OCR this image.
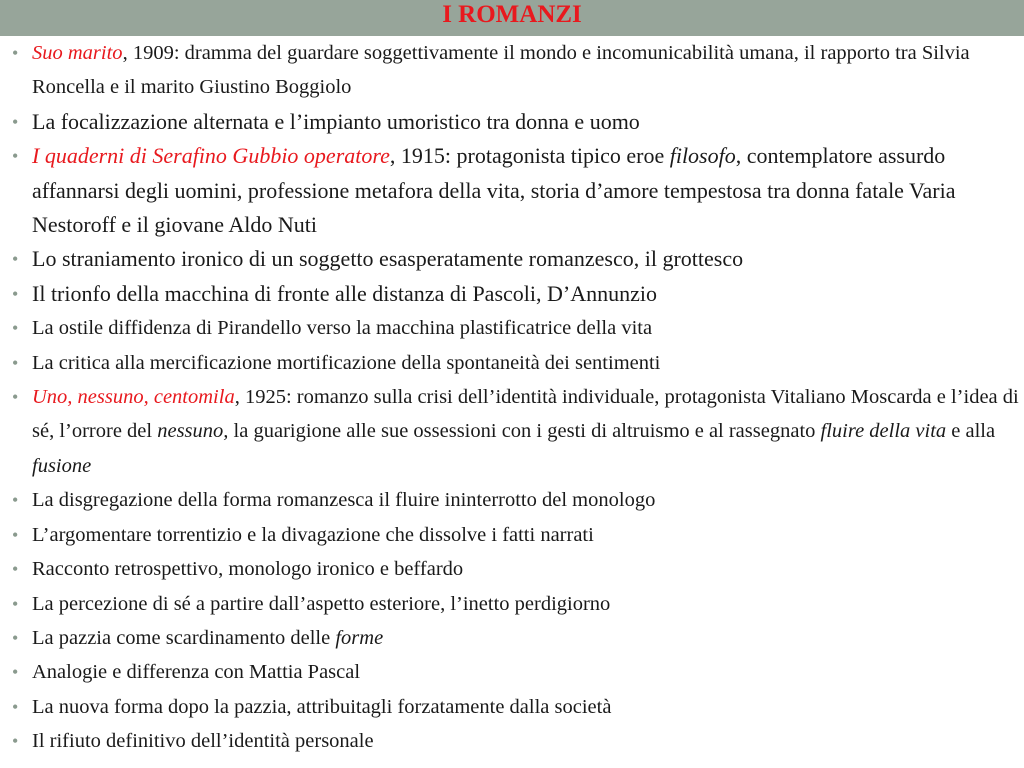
I ROMANZI
• Suo marito, 1909: dramma del guardare soggettivamente il mondo e incomunicabilità umana, il rapporto tra Silvia Roncella e il marito Giustino Boggiolo
• La focalizzazione alternata e l’impianto umoristico tra donna e uomo
• I quaderni di Serafino Gubbio operatore, 1915: protagonista tipico eroe filosofo, contemplatore assurdo affannarsi degli uomini, professione metafora della vita, storia d’amore tempestosa tra donna fatale Varia Nestoroff e il giovane Aldo Nuti
• Lo straniamento ironico di un soggetto esasperatamente romanzesco, il grottesco
• Il trionfo della macchina di fronte alle distanza di Pascoli, D’Annunzio
• La ostile diffidenza di Pirandello verso la macchina plastificatrice della vita
• La critica alla mercificazione mortificazione della spontaneità dei sentimenti
• Uno, nessuno, centomila, 1925: romanzo sulla crisi dell’identità individuale, protagonista Vitaliano Moscarda e l’idea di sé, l’orrore del nessuno, la guarigione alle sue ossessioni con i gesti di altruismo e al rassegnato fluire della vita e alla fusione
• La disgregazione della forma romanzesca il fluire ininterrotto del monologo
• L’argomentare torrentizio e la divagazione che dissolve i fatti narrati
• Racconto retrospettivo, monologo ironico e beffardo
• La percezione di sé a partire dall’aspetto esteriore, l’inetto perdigiorno
• La pazzia come scardinamento delle forme
• Analogie e differenza con Mattia Pascal
• La nuova forma dopo la pazzia, attribuitagli forzatamente dalla società
• Il rifiuto definitivo dell’identità personale
